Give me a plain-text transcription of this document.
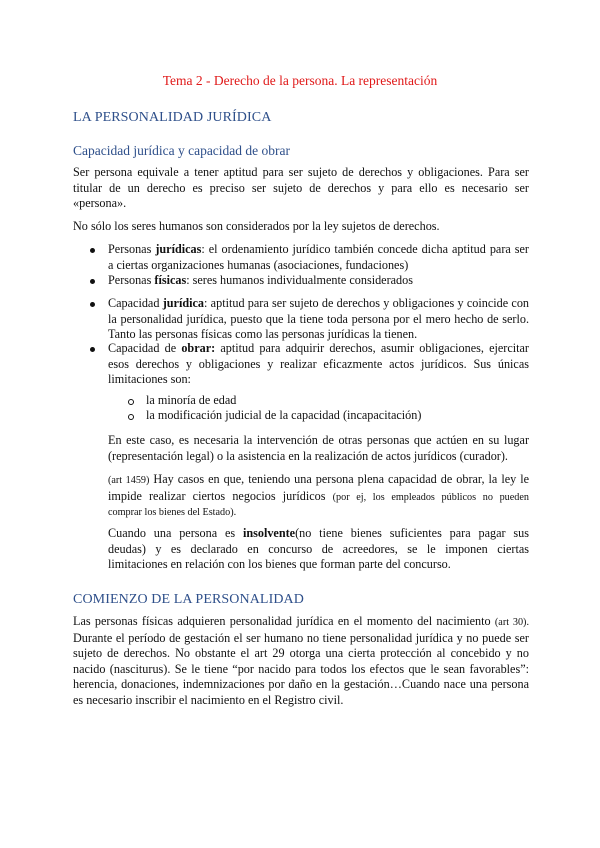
Tema 2 - Derecho de la persona. La representación
LA PERSONALIDAD JURÍDICA
Capacidad jurídica y capacidad de obrar
Ser persona equivale a tener aptitud para ser sujeto de derechos y obligaciones. Para ser
titular de un derecho es preciso ser sujeto de derechos y para ello es necesario ser
«persona».
No sólo los seres humanos son considerados por la ley sujetos de derechos.
Personas jurídicas: el ordenamiento jurídico también concede dicha aptitud para ser
a ciertas organizaciones humanas (asociaciones, fundaciones)
Personas físicas: seres humanos individualmente considerados
Capacidad jurídica: aptitud para ser sujeto de derechos y obligaciones y coincide con
la personalidad jurídica, puesto que la tiene toda persona por el mero hecho de serlo.
Tanto las personas físicas como las personas jurídicas la tienen.
Capacidad de obrar: aptitud para adquirir derechos, asumir obligaciones, ejercitar
esos derechos y obligaciones y realizar eficazmente actos jurídicos. Sus únicas
limitaciones son:
la minoría de edad
la modificación judicial de la capacidad (incapacitación)
En este caso, es necesaria la intervención de otras personas que actúen en su lugar
(representación legal) o la asistencia en la realización de actos jurídicos (curador).
(art 1459) Hay casos en que, teniendo una persona plena capacidad de obrar, la ley le
impide realizar ciertos negocios jurídicos (por ej, los empleados públicos no pueden
comprar los bienes del Estado).
Cuando una persona es insolvente(no tiene bienes suficientes para pagar sus
deudas) y es declarado en concurso de acreedores, se le imponen ciertas
limitaciones en relación con los bienes que forman parte del concurso.
COMIENZO DE LA PERSONALIDAD
Las personas físicas adquieren personalidad jurídica en el momento del nacimiento (art 30).
Durante el período de gestación el ser humano no tiene personalidad jurídica y no puede ser
sujeto de derechos. No obstante el art 29 otorga una cierta protección al concebido y no
nacido (nasciturus). Se le tiene “por nacido para todos los efectos que le sean favorables”:
herencia, donaciones, indemnizaciones por daño en la gestación…Cuando nace una persona
es necesario inscribir el nacimiento en el Registro civil.
